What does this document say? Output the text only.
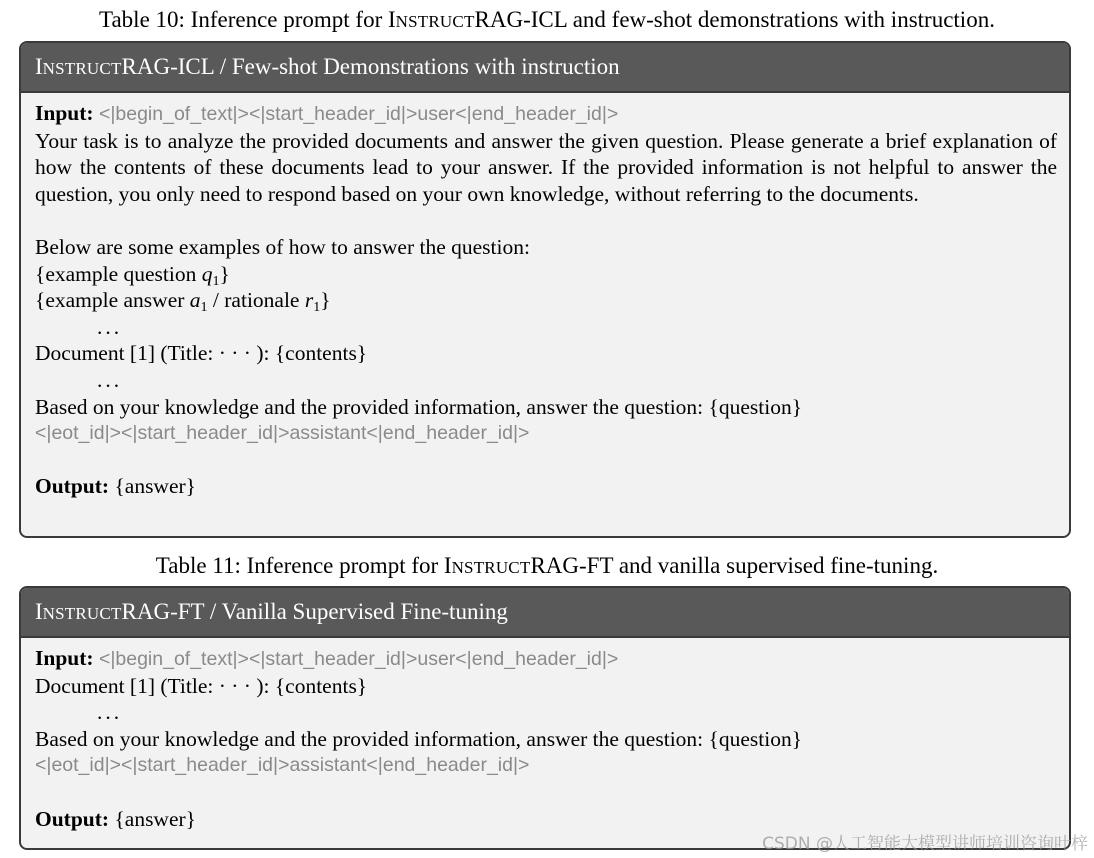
Table 10: Inference prompt for INSTRUCTRAG-ICL and few-shot demonstrations with instruction.
INSTRUCTRAG-ICL / Few-shot Demonstrations with instruction
Input: <|begin_of_text|><|start_header_id|>user<|end_header_id|>
Your task is to analyze the provided documents and answer the given question. Please generate a brief explanation of how the contents of these documents lead to your answer. If the provided information is not helpful to answer the question, you only need to respond based on your own knowledge, without referring to the documents.
Below are some examples of how to answer the question:
{example question $q_1$}
{example answer $a_1$ / rationale $r_1$}
...
Document [1] (Title: · · · ): {contents}
...
Based on your knowledge and the provided information, answer the question: {question}
<|eot_id|><|start_header_id|>assistant<|end_header_id|>
Output: {answer}
Table 11: Inference prompt for INSTRUCTRAG-FT and vanilla supervised fine-tuning.
INSTRUCTRAG-FT / Vanilla Supervised Fine-tuning
Input: <|begin_of_text|><|start_header_id|>user<|end_header_id|>
Document [1] (Title: · · · ): {contents}
...
Based on your knowledge and the provided information, answer the question: {question}
<|eot_id|><|start_header_id|>assistant<|end_header_id|>
Output: {answer}
CSDN @人工智能大模型讲师培训咨询叶梓
